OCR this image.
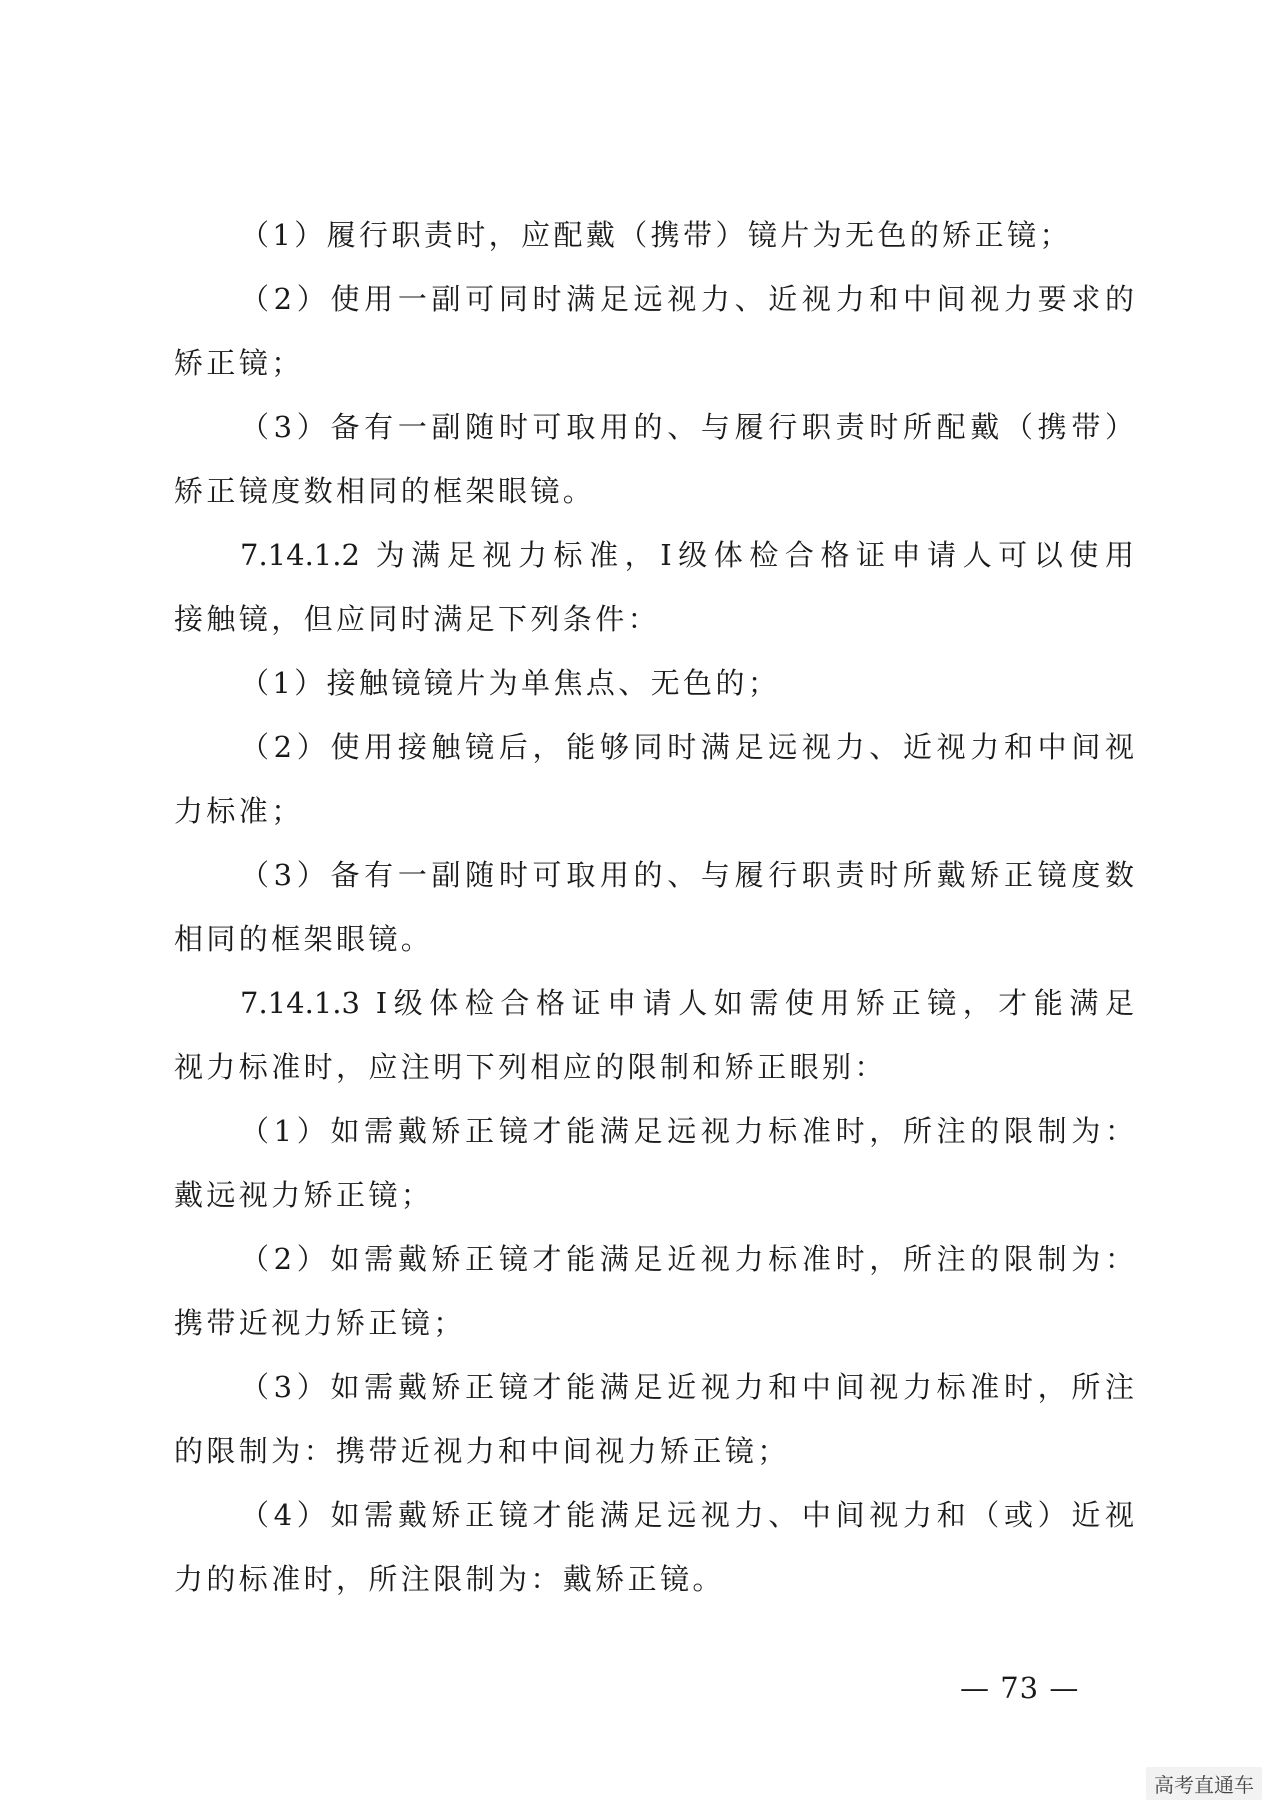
（1）履行职责时，应配戴（携带）镜片为无色的矫正镜；
（2）使用一副可同时满足远视力、近视力和中间视力要求的
矫正镜；
（3）备有一副随时可取用的、与履行职责时所配戴（携带）
矫正镜度数相同的框架眼镜。
7.14.1.2 为满足视力标准，Ⅰ级体检合格证申请人可以使用
接触镜，但应同时满足下列条件：
（1）接触镜镜片为单焦点、无色的；
（2）使用接触镜后，能够同时满足远视力、近视力和中间视
力标准；
（3）备有一副随时可取用的、与履行职责时所戴矫正镜度数
相同的框架眼镜。
7.14.1.3 Ⅰ级体检合格证申请人如需使用矫正镜，才能满足
视力标准时，应注明下列相应的限制和矫正眼别：
（1）如需戴矫正镜才能满足远视力标准时，所注的限制为：
戴远视力矫正镜；
（2）如需戴矫正镜才能满足近视力标准时，所注的限制为：
携带近视力矫正镜；
（3）如需戴矫正镜才能满足近视力和中间视力标准时，所注
的限制为：携带近视力和中间视力矫正镜；
（4）如需戴矫正镜才能满足远视力、中间视力和（或）近视
力的标准时，所注限制为：戴矫正镜。
— 73 —
高考直通车
